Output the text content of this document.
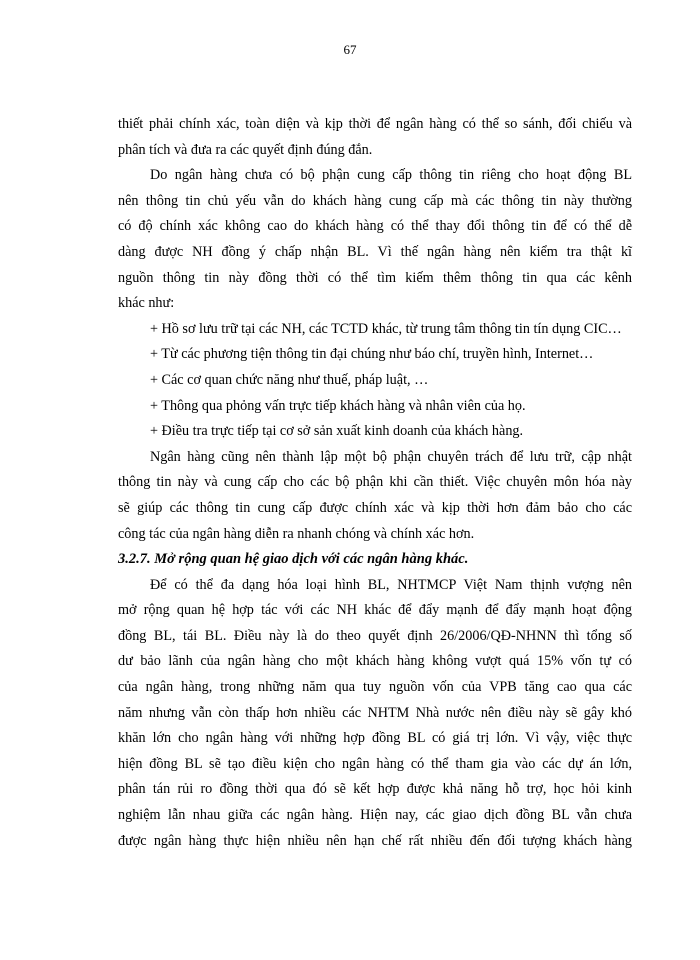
67
thiết phải chính xác, toàn diện và kịp thời để ngân hàng có thể so sánh, đối chiếu và
phân tích và đưa ra các quyết định đúng đắn.
Do ngân hàng chưa có bộ phận cung cấp thông tin riêng cho hoạt động BL
nên thông tin chủ yếu vẫn do khách hàng cung cấp mà các thông tin này thường
có độ chính xác không cao do khách hàng có thể thay đổi thông tin để có thể dễ
dàng được NH đồng ý chấp nhận BL. Vì thế ngân hàng nên kiểm tra thật kĩ
nguồn thông tin này đồng thời có thể tìm kiếm thêm thông tin qua các kênh
khác như:
+ Hồ sơ lưu trữ tại các NH, các TCTD khác, từ trung tâm thông tin tín dụng CIC…
+ Từ các phương tiện thông tin đại chúng như báo chí, truyền hình, Internet…
+ Các cơ quan chức năng như thuế, pháp luật, …
+ Thông qua phỏng vấn trực tiếp khách hàng và nhân viên của họ.
+ Điều tra trực tiếp tại cơ sở sản xuất kinh doanh của khách hàng.
Ngân hàng cũng nên thành lập một bộ phận chuyên trách để lưu trữ, cập nhật
thông tin này và cung cấp cho các bộ phận khi cần thiết. Việc chuyên môn hóa này
sẽ giúp các thông tin cung cấp được chính xác và kịp thời hơn đảm bảo cho các
công tác của ngân hàng diễn ra nhanh chóng và chính xác hơn.
3.2.7. Mở rộng quan hệ giao dịch với các ngân hàng khác.
Để có thể đa dạng hóa loại hình BL, NHTMCP Việt Nam thịnh vượng nên
mở rộng quan hệ hợp tác với các NH khác để đẩy mạnh để đẩy mạnh hoạt động
đồng BL, tái BL. Điều này là do theo quyết định 26/2006/QĐ-NHNN thì tổng số
dư bảo lãnh của ngân hàng cho một khách hàng không vượt quá 15% vốn tự có
của ngân hàng, trong những năm qua tuy nguồn vốn của VPB tăng cao qua các
năm nhưng vẫn còn thấp hơn nhiều các NHTM Nhà nước nên điều này sẽ gây khó
khăn lớn cho ngân hàng với những hợp đồng BL có giá trị lớn. Vì vậy, việc thực
hiện đồng BL sẽ tạo điều kiện cho ngân hàng có thể tham gia vào các dự án lớn,
phân tán rủi ro đồng thời qua đó sẽ kết hợp được khả năng hỗ trợ, học hỏi kinh
nghiệm lẫn nhau giữa các ngân hàng. Hiện nay, các giao dịch đồng BL vẫn chưa
được ngân hàng thực hiện nhiều nên hạn chế rất nhiều đến đối tượng khách hàng
